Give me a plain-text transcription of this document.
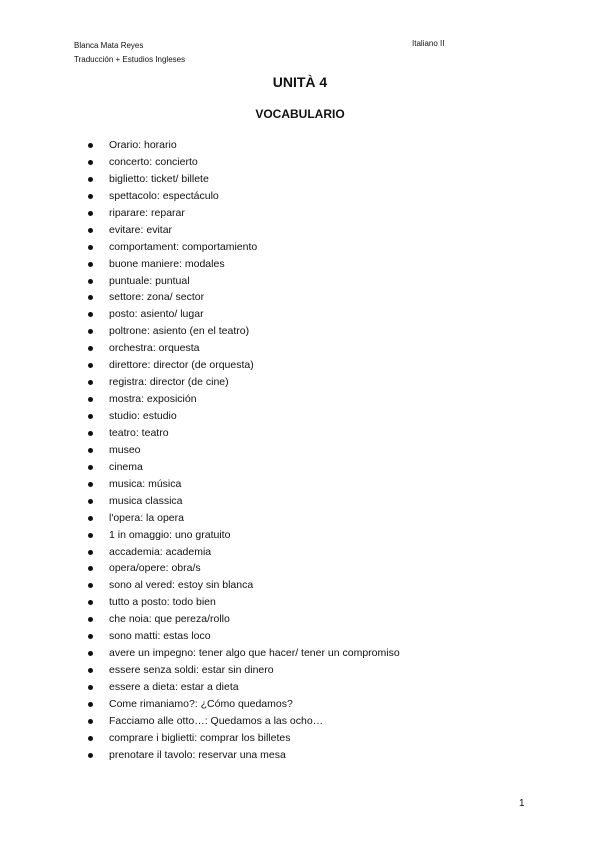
Blanca Mata Reyes
Traducción + Estudios Ingleses
Italiano II
UNITÀ 4
VOCABULARIO
Orario: horario
concerto: concierto
biglietto: ticket/ billete
spettacolo: espectáculo
riparare: reparar
evitare: evitar
comportament: comportamiento
buone maniere: modales
puntuale: puntual
settore: zona/ sector
posto: asiento/ lugar
poltrone: asiento (en el teatro)
orchestra: orquesta
direttore: director (de orquesta)
registra: director (de cine)
mostra: exposición
studio: estudio
teatro: teatro
museo
cinema
musica: música
musica classica
l'opera: la opera
1 in omaggio: uno gratuito
accademia: academia
opera/opere: obra/s
sono al vered: estoy sin blanca
tutto a posto: todo bien
che noia: que pereza/rollo
sono matti: estas loco
avere un impegno: tener algo que hacer/ tener un compromiso
essere senza soldi: estar sin dinero
essere a dieta: estar a dieta
Come rimaniamo?: ¿Cómo quedamos?
Facciamo alle otto…: Quedamos a las ocho…
comprare i biglietti: comprar los billetes
prenotare il tavolo: reservar una mesa
1
